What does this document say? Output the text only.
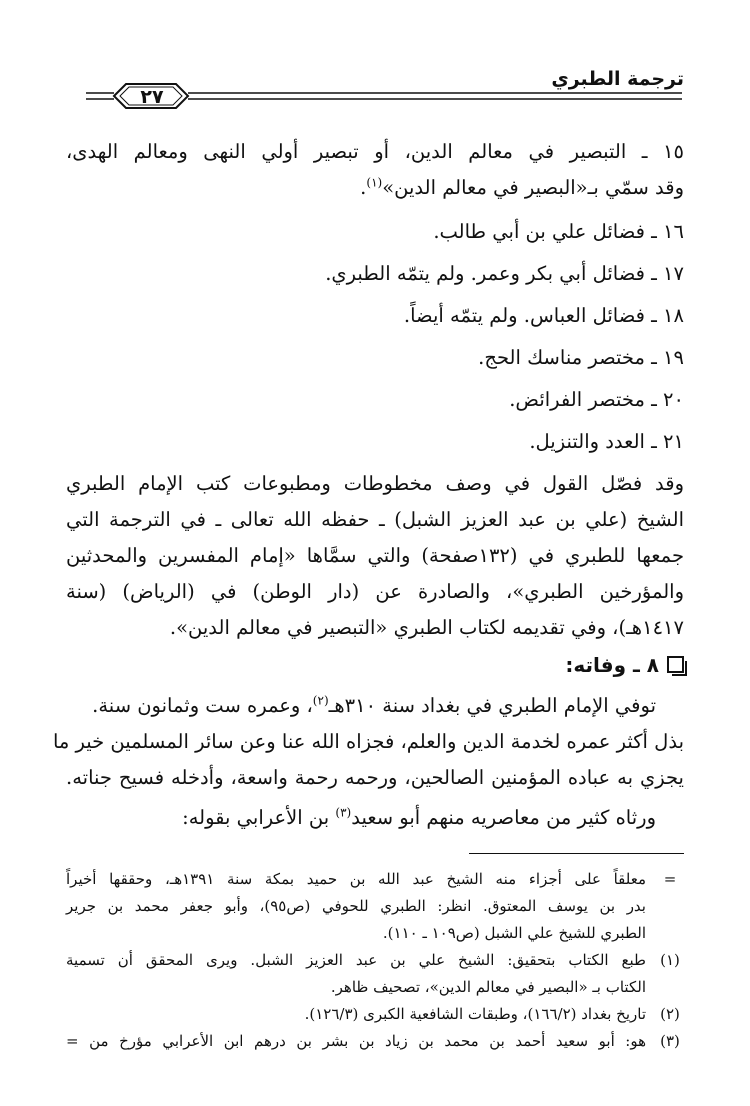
ترجمة الطبري
٢٧
١٥ ـ التبصير في معالم الدين، أو تبصير أولي النهى ومعالم الهدى،
وقد سمّي بـ«البصير في معالم الدين»$^{(١)}$.
١٦ ـ فضائل علي بن أبي طالب.
١٧ ـ فضائل أبي بكر وعمر. ولم يتمّه الطبري.
١٨ ـ فضائل العباس. ولم يتمّه أيضاً.
١٩ ـ مختصر مناسك الحج.
٢٠ ـ مختصر الفرائض.
٢١ ـ العدد والتنزيل.
وقد فصّل القول في وصف مخطوطات ومطبوعات كتب الإمام الطبري
الشيخ (علي بن عبد العزيز الشبل) ـ حفظه الله تعالى ـ في الترجمة التي
جمعها للطبري في (١٣٢صفحة) والتي سمَّاها «إمام المفسرين والمحدثين
والمؤرخين الطبري»، والصادرة عن (دار الوطن) في (الرياض) (سنة
١٤١٧هـ)، وفي تقديمه لكتاب الطبري «التبصير في معالم الدين».
٨ ـ وفاته:
توفي الإمام الطبري في بغداد سنة ٣١٠هـ$^{(٢)}$، وعمره ست وثمانون سنة.
بذل أكثر عمره لخدمة الدين والعلم، فجزاه الله عنا وعن سائر المسلمين خير ما
يجزي به عباده المؤمنين الصالحين، ورحمه رحمة واسعة، وأدخله فسيح جناته.
ورثاه كثير من معاصريه منهم أبو سعيد$^{(٣)}$ بن الأعرابي بقوله:
=
معلقاً على أجزاء منه الشيخ عبد الله بن حميد بمكة سنة ١٣٩١هـ، وحققها أخيراً
بدر بن يوسف المعتوق. انظر: الطبري للحوفي (ص٩٥)، وأبو جعفر محمد بن جرير
الطبري للشيخ علي الشبل (ص١٠٩ ـ ١١٠).
(١)
طبع الكتاب بتحقيق: الشيخ علي بن عبد العزيز الشبل. ويرى المحقق أن تسمية
الكتاب بـ «البصير في معالم الدين»، تصحيف ظاهر.
(٢)
تاريخ بغداد (١٦٦/٢)، وطبقات الشافعية الكبرى (١٢٦/٣).
(٣)
هو: أبو سعيد أحمد بن محمد بن زياد بن بشر بن درهم ابن الأعرابي مؤرخ من =
